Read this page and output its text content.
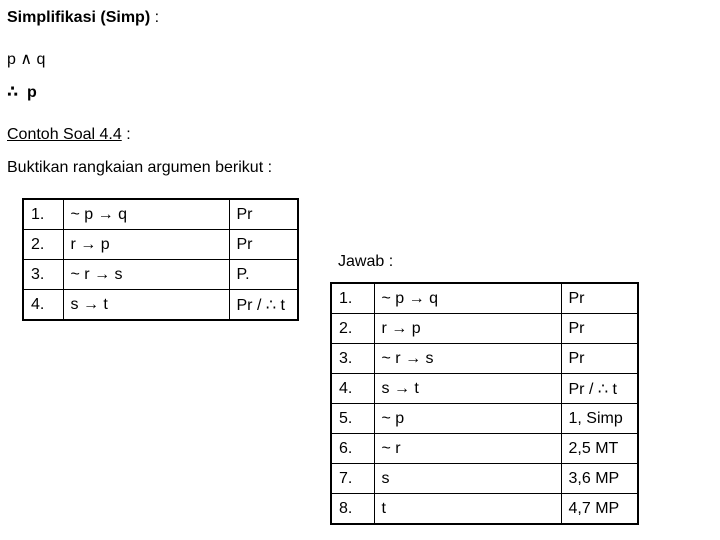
Simplifikasi (Simp) :
p ∧ q
∴ p
Contoh Soal 4.4 :
Buktikan rangkaian argumen berikut :
1.	~ p → q	Pr
2.	r → p	Pr
3.	~ r → s	P.
4.	s → t	Pr / ∴ t
Jawab :
1.	~ p → q	Pr
2.	r → p	Pr
3.	~ r → s	Pr
4.	s → t	Pr / ∴ t
5.	~ p	1, Simp
6.	~ r	2,5 MT
7.	s	3,6 MP
8.	t	4,7 MP
